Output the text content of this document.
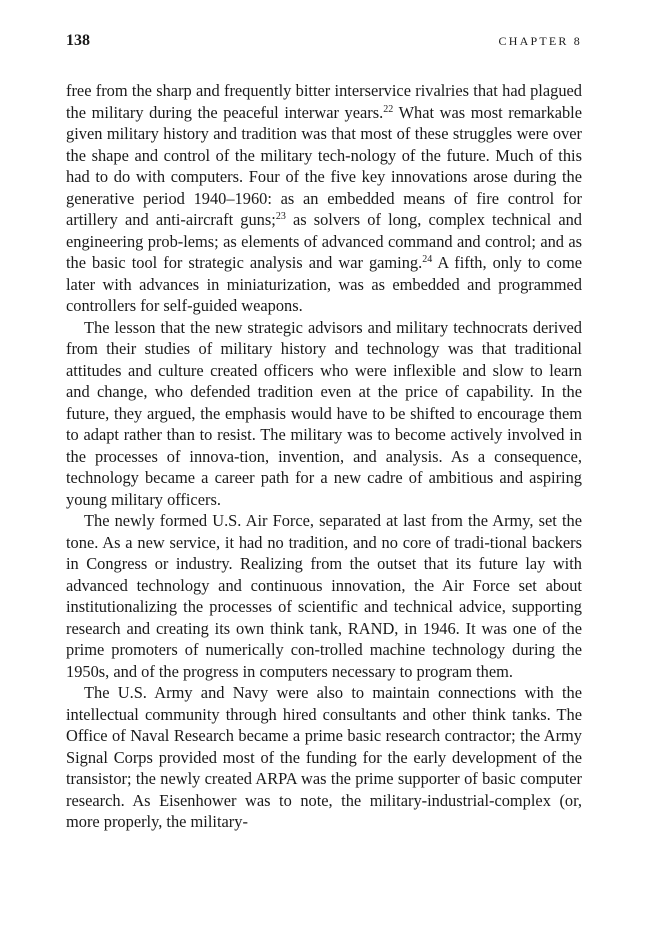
138	CHAPTER 8

free from the sharp and frequently bitter interservice rivalries that had plagued the military during the peaceful interwar years.$^{22}$ What was most remarkable given military history and tradition was that most of these struggles were over the shape and control of the military tech-nology of the future. Much of this had to do with computers. Four of the five key innovations arose during the generative period 1940–1960: as an embedded means of fire control for artillery and anti-aircraft guns;$^{23}$ as solvers of long, complex technical and engineering prob-lems; as elements of advanced command and control; and as the basic tool for strategic analysis and war gaming.$^{24}$ A fifth, only to come later with advances in miniaturization, was as embedded and programmed controllers for self-guided weapons.

The lesson that the new strategic advisors and military technocrats derived from their studies of military history and technology was that traditional attitudes and culture created officers who were inflexible and slow to learn and change, who defended tradition even at the price of capability. In the future, they argued, the emphasis would have to be shifted to encourage them to adapt rather than to resist. The military was to become actively involved in the processes of innova-tion, invention, and analysis. As a consequence, technology became a career path for a new cadre of ambitious and aspiring young military officers.

The newly formed U.S. Air Force, separated at last from the Army, set the tone. As a new service, it had no tradition, and no core of tradi-tional backers in Congress or industry. Realizing from the outset that its future lay with advanced technology and continuous innovation, the Air Force set about institutionalizing the processes of scientific and technical advice, supporting research and creating its own think tank, RAND, in 1946. It was one of the prime promoters of numerically con-trolled machine technology during the 1950s, and of the progress in computers necessary to program them.

The U.S. Army and Navy were also to maintain connections with the intellectual community through hired consultants and other think tanks. The Office of Naval Research became a prime basic research contractor; the Army Signal Corps provided most of the funding for the early development of the transistor; the newly created ARPA was the prime supporter of basic computer research. As Eisenhower was to note, the military-industrial-complex (or, more properly, the military-
